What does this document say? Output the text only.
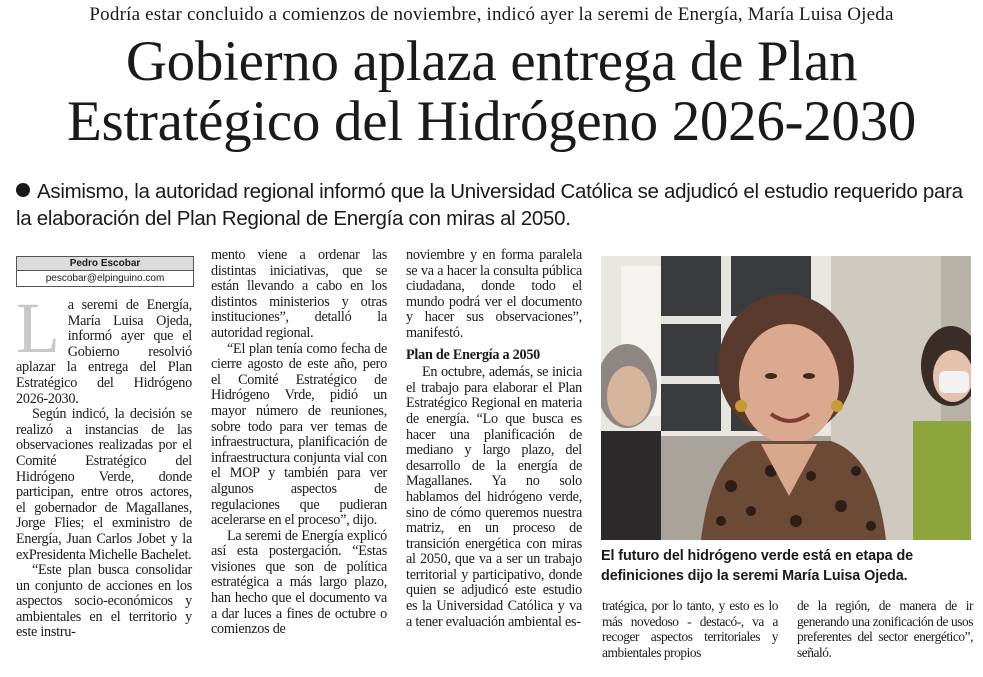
Podría estar concluido a comienzos de noviembre, indicó ayer la seremi de Energía, María Luisa Ojeda
Gobierno aplaza entrega de Plan
Estratégico del Hidrógeno 2026-2030
Asimismo, la autoridad regional informó que la Universidad Católica se adjudicó el estudio requerido para la elaboración del Plan Regional de Energía con miras al 2050.
Pedro Escobar
pescobar@elpinguino.com

La seremi de Energía, María Luisa Ojeda, informó ayer que el Gobierno resolvió aplazar la entrega del Plan Estratégico del Hidrógeno 2026-2030.

Según indicó, la decisión se realizó a instancias de las observaciones realizadas por el Comité Estratégico del Hidrógeno Verde, donde participan, entre otros actores, el gobernador de Magallanes, Jorge Flies; el exministro de Energía, Juan Carlos Jobet y la exPresidenta Michelle Bachelet.

“Este plan busca consolidar un conjunto de acciones en los aspectos socio-económicos y ambientales en el territorio y este instru-

mento viene a ordenar las distintas iniciativas, que se están llevando a cabo en los distintos ministerios y otras instituciones”, detalló la autoridad regional.

“El plan tenía como fecha de cierre agosto de este año, pero el Comité Estratégico de Hidrógeno Vrde, pidió un mayor número de reuniones, sobre todo para ver temas de infraestructura, planificación de infraestructura conjunta vial con el MOP y también para ver algunos aspectos de regulaciones que pudieran acelerarse en el proceso”, dijo.

La seremi de Energía explicó así esta postergación. “Estas visiones que son de política estratégica a más largo plazo, han hecho que el documento va a dar luces a fines de octubre o comienzos de

noviembre y en forma paralela se va a hacer la consulta pública ciudadana, donde todo el mundo podrá ver el documento y hacer sus observaciones”, manifestó.

Plan de Energía a 2050

En octubre, además, se inicia el trabajo para elaborar el Plan Estratégico Regional en materia de energía. “Lo que busca es hacer una planificación de mediano y largo plazo, del desarrollo de la energía de Magallanes. Ya no solo hablamos del hidrógeno verde, sino de cómo queremos nuestra matriz, en un proceso de transición energética con miras al 2050, que va a ser un trabajo territorial y participativo, donde quien se adjudicó este estudio es la Universidad Católica y va a tener evaluación ambiental es-

El futuro del hidrógeno verde está en etapa de definiciones dijo la seremi María Luisa Ojeda.

tratégica, por lo tanto, y esto es lo más novedoso - destacó-, va a recoger aspectos territoriales y ambientales propios

de la región, de manera de ir generando una zonificación de usos preferentes del sector energético”, señaló.
